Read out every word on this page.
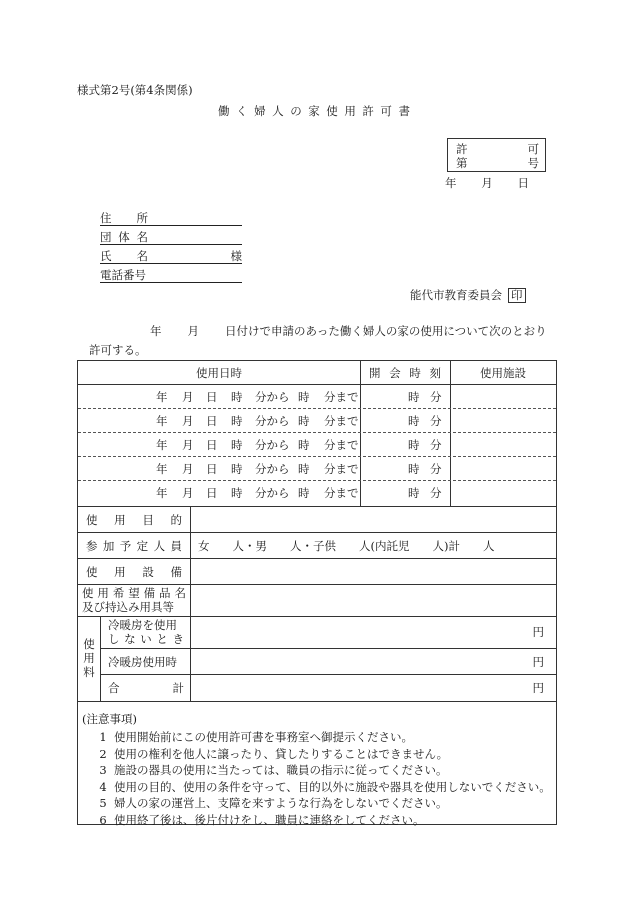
様式第2号(第4条関係)
働 く 婦 人 の 家 使 用 許 可 書
許	可
第	号
年 月 日
住 所
団 体 名
氏 名	様
電話番号
能代市教育委員会 印
年 月 日付けで申請のあった働く婦人の家の使用について次のとおり
許可する。
使用日時	開 会 時 刻	使用施設
年 月 日 時 分から 時 分まで	時 分
年 月 日 時 分から 時 分まで	時 分
年 月 日 時 分から 時 分まで	時 分
年 月 日 時 分から 時 分まで	時 分
年 月 日 時 分から 時 分まで	時 分
使 用 目 的
参 加 予 定 人 員 女　　人・男　　人・子供　　人(内託児　　人)計　　人
使 用 設 備
使 用 希 望 備 品 名
及び持込み用具等
使
用
料
冷暖房を使用
し な い と き	円
冷暖房使用時	円
合	計	円
(注意事項)
1 使用開始前にこの使用許可書を事務室へ御提示ください。
2 使用の権利を他人に譲ったり、貸したりすることはできません。
3 施設の器具の使用に当たっては、職員の指示に従ってください。
4 使用の目的、使用の条件を守って、目的以外に施設や器具を使用しないでください。
5 婦人の家の運営上、支障を来すような行為をしないでください。
6 使用終了後は、後片付けをし、職員に連絡をしてください。
